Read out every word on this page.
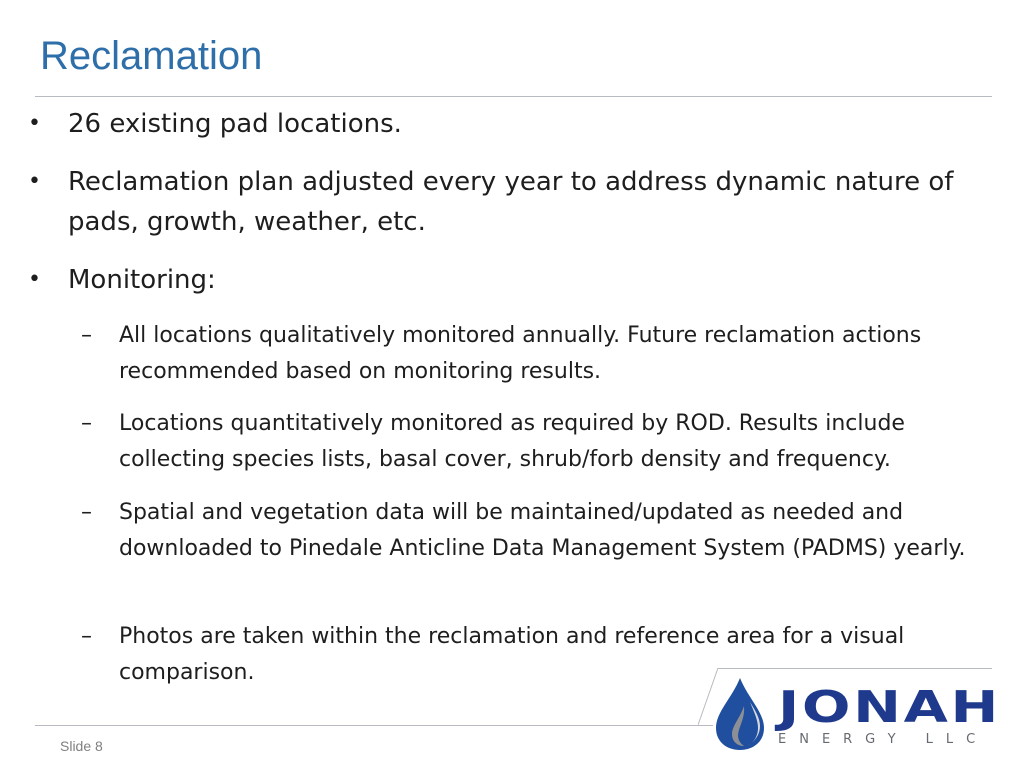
Reclamation
• 26 existing pad locations.
• Reclamation plan adjusted every year to address dynamic nature of pads, growth, weather, etc.
• Monitoring:
– All locations qualitatively monitored annually. Future reclamation actions recommended based on monitoring results.
– Locations quantitatively monitored as required by ROD. Results include collecting species lists, basal cover, shrub/forb density and frequency.
– Spatial and vegetation data will be maintained/updated as needed and downloaded to Pinedale Anticline Data Management System (PADMS) yearly.
– Photos are taken within the reclamation and reference area for a visual comparison.
Slide 8
JONAH
ENERGY LLC
